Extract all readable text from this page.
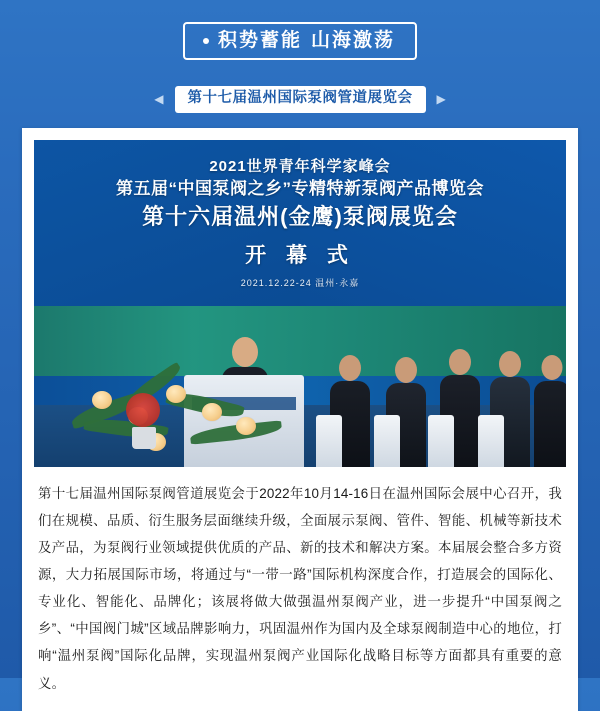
积势蓄能 山海激荡
◀	第十七届温州国际泵阀管道展览会	▶
2021世界青年科学家峰会
第五届“中国泵阀之乡”专精特新泵阀产品博览会
第十六届温州(金鹰)泵阀展览会
开 幕 式
2021.12.22-24 温州·永嘉
第十七届温州国际泵阀管道展览会于2022年10月14-16日在温州国际会展中心召开，我们在规模、品质、衍生服务层面继续升级，全面展示泵阀、管件、智能、机械等新技术及产品，为泵阀行业领域提供优质的产品、新的技术和解决方案。本届展会整合多方资源，大力拓展国际市场，将通过与“一带一路”国际机构深度合作，打造展会的国际化、专业化、智能化、品牌化；该展将做大做强温州泵阀产业，进一步提升“中国泵阀之乡”、“中国阀门城”区域品牌影响力，巩固温州作为国内及全球泵阀制造中心的地位，打响“温州泵阀”国际化品牌，实现温州泵阀产业国际化战略目标等方面都具有重要的意义。
